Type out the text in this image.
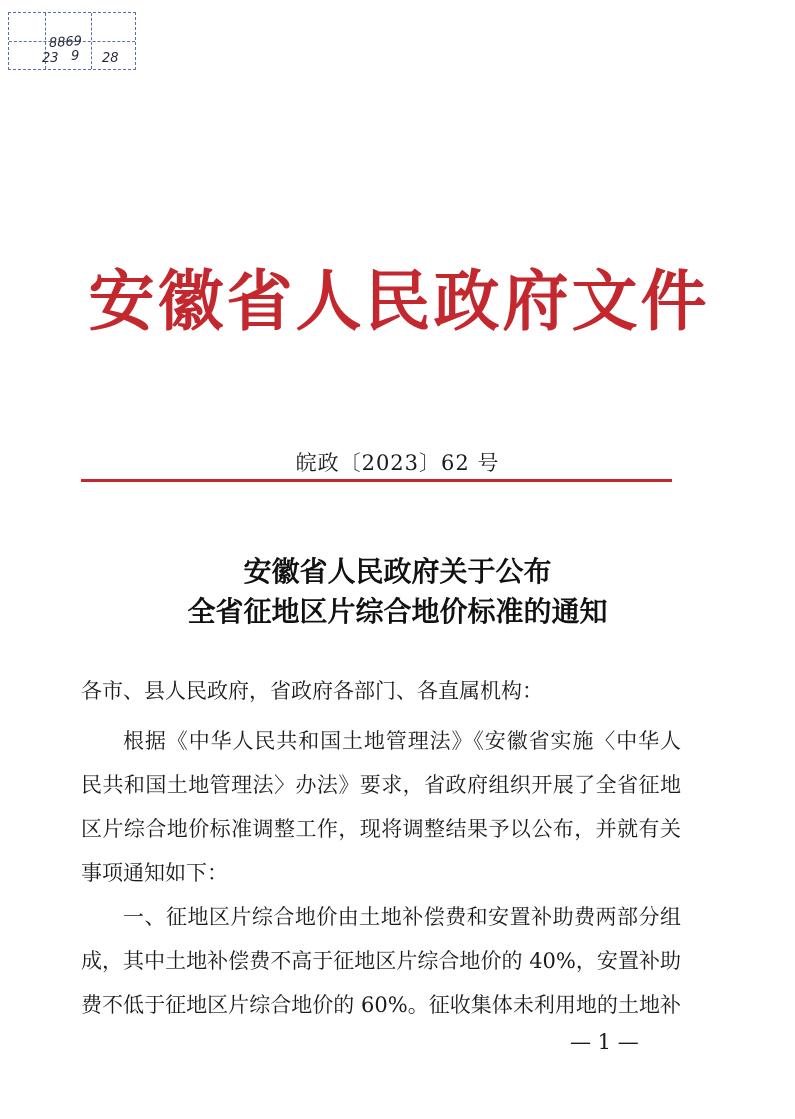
8869
23 9 28
安徽省人民政府文件
皖政〔2023〕62 号
安徽省人民政府关于公布
全省征地区片综合地价标准的通知
各市、县人民政府，省政府各部门、各直属机构：
根据《中华人民共和国土地管理法》《安徽省实施〈中华人
民共和国土地管理法〉办法》要求，省政府组织开展了全省征地
区片综合地价标准调整工作，现将调整结果予以公布，并就有关
事项通知如下：
一、征地区片综合地价由土地补偿费和安置补助费两部分组
成，其中土地补偿费不高于征地区片综合地价的 40%，安置补助
费不低于征地区片综合地价的 60%。征收集体未利用地的土地补
— 1 —
